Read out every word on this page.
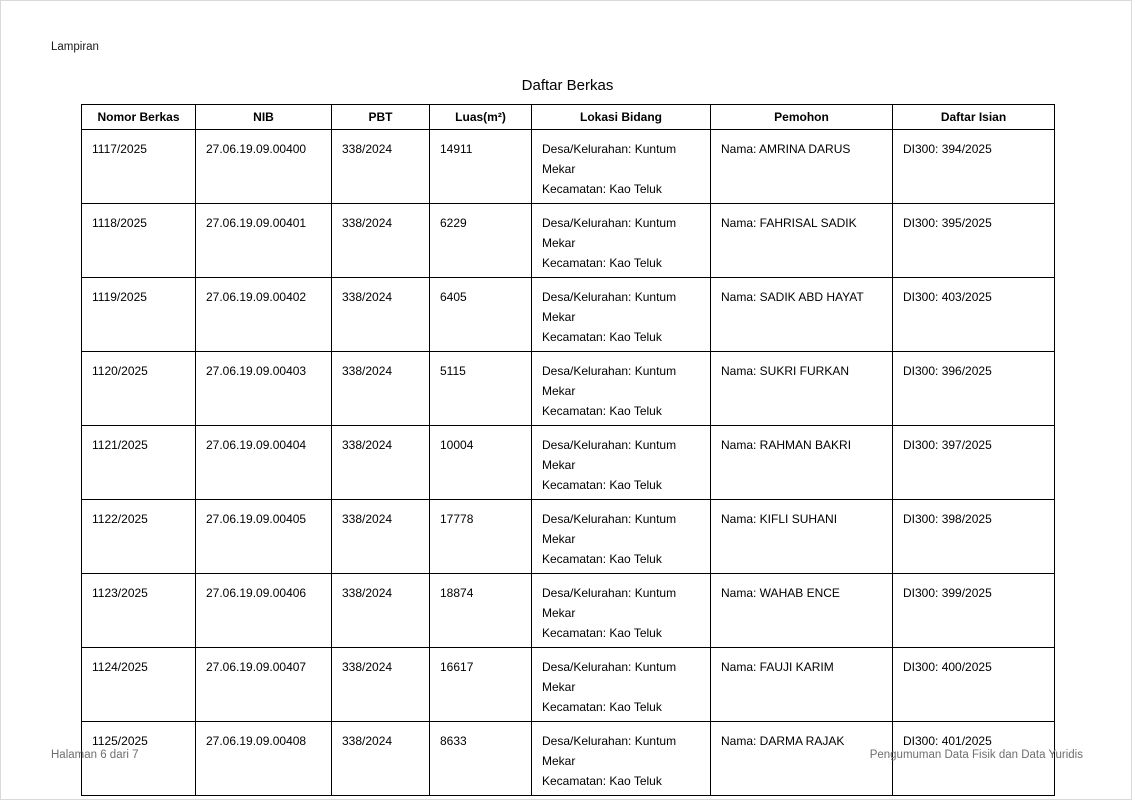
Lampiran
Daftar Berkas
Nomor Berkas	NIB	PBT	Luas(m²)	Lokasi Bidang	Pemohon	Daftar Isian
1117/2025	27.06.19.09.00400	338/2024	14911	Desa/Kelurahan: Kuntum Mekar
Kecamatan: Kao Teluk	Nama: AMRINA DARUS	DI300: 394/2025
1118/2025	27.06.19.09.00401	338/2024	6229	Desa/Kelurahan: Kuntum Mekar
Kecamatan: Kao Teluk	Nama: FAHRISAL SADIK	DI300: 395/2025
1119/2025	27.06.19.09.00402	338/2024	6405	Desa/Kelurahan: Kuntum Mekar
Kecamatan: Kao Teluk	Nama: SADIK ABD HAYAT	DI300: 403/2025
1120/2025	27.06.19.09.00403	338/2024	5115	Desa/Kelurahan: Kuntum Mekar
Kecamatan: Kao Teluk	Nama: SUKRI FURKAN	DI300: 396/2025
1121/2025	27.06.19.09.00404	338/2024	10004	Desa/Kelurahan: Kuntum Mekar
Kecamatan: Kao Teluk	Nama: RAHMAN BAKRI	DI300: 397/2025
1122/2025	27.06.19.09.00405	338/2024	17778	Desa/Kelurahan: Kuntum Mekar
Kecamatan: Kao Teluk	Nama: KIFLI SUHANI	DI300: 398/2025
1123/2025	27.06.19.09.00406	338/2024	18874	Desa/Kelurahan: Kuntum Mekar
Kecamatan: Kao Teluk	Nama: WAHAB ENCE	DI300: 399/2025
1124/2025	27.06.19.09.00407	338/2024	16617	Desa/Kelurahan: Kuntum Mekar
Kecamatan: Kao Teluk	Nama: FAUJI KARIM	DI300: 400/2025
1125/2025	27.06.19.09.00408	338/2024	8633	Desa/Kelurahan: Kuntum Mekar
Kecamatan: Kao Teluk	Nama: DARMA RAJAK	DI300: 401/2025
Halaman 6 dari 7	Pengumuman Data Fisik dan Data Yuridis
